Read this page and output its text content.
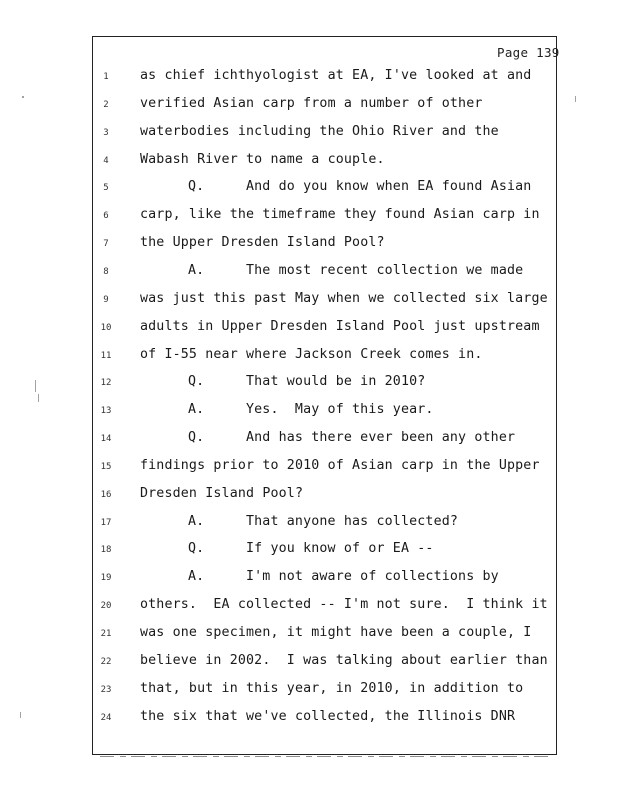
Page 139
1	as chief ichthyologist at EA, I've looked at and
2	verified Asian carp from a number of other
3	waterbodies including the Ohio River and the
4	Wabash River to name a couple.
5	Q.	And do you know when EA found Asian
6	carp, like the timeframe they found Asian carp in
7	the Upper Dresden Island Pool?
8	A.	The most recent collection we made
9	was just this past May when we collected six large
10	adults in Upper Dresden Island Pool just upstream
11	of I-55 near where Jackson Creek comes in.
12	Q.	That would be in 2010?
13	A.	Yes.  May of this year.
14	Q.	And has there ever been any other
15	findings prior to 2010 of Asian carp in the Upper
16	Dresden Island Pool?
17	A.	That anyone has collected?
18	Q.	If you know of or EA --
19	A.	I'm not aware of collections by
20	others.  EA collected -- I'm not sure.  I think it
21	was one specimen, it might have been a couple, I
22	believe in 2002.  I was talking about earlier than
23	that, but in this year, in 2010, in addition to
24	the six that we've collected, the Illinois DNR
